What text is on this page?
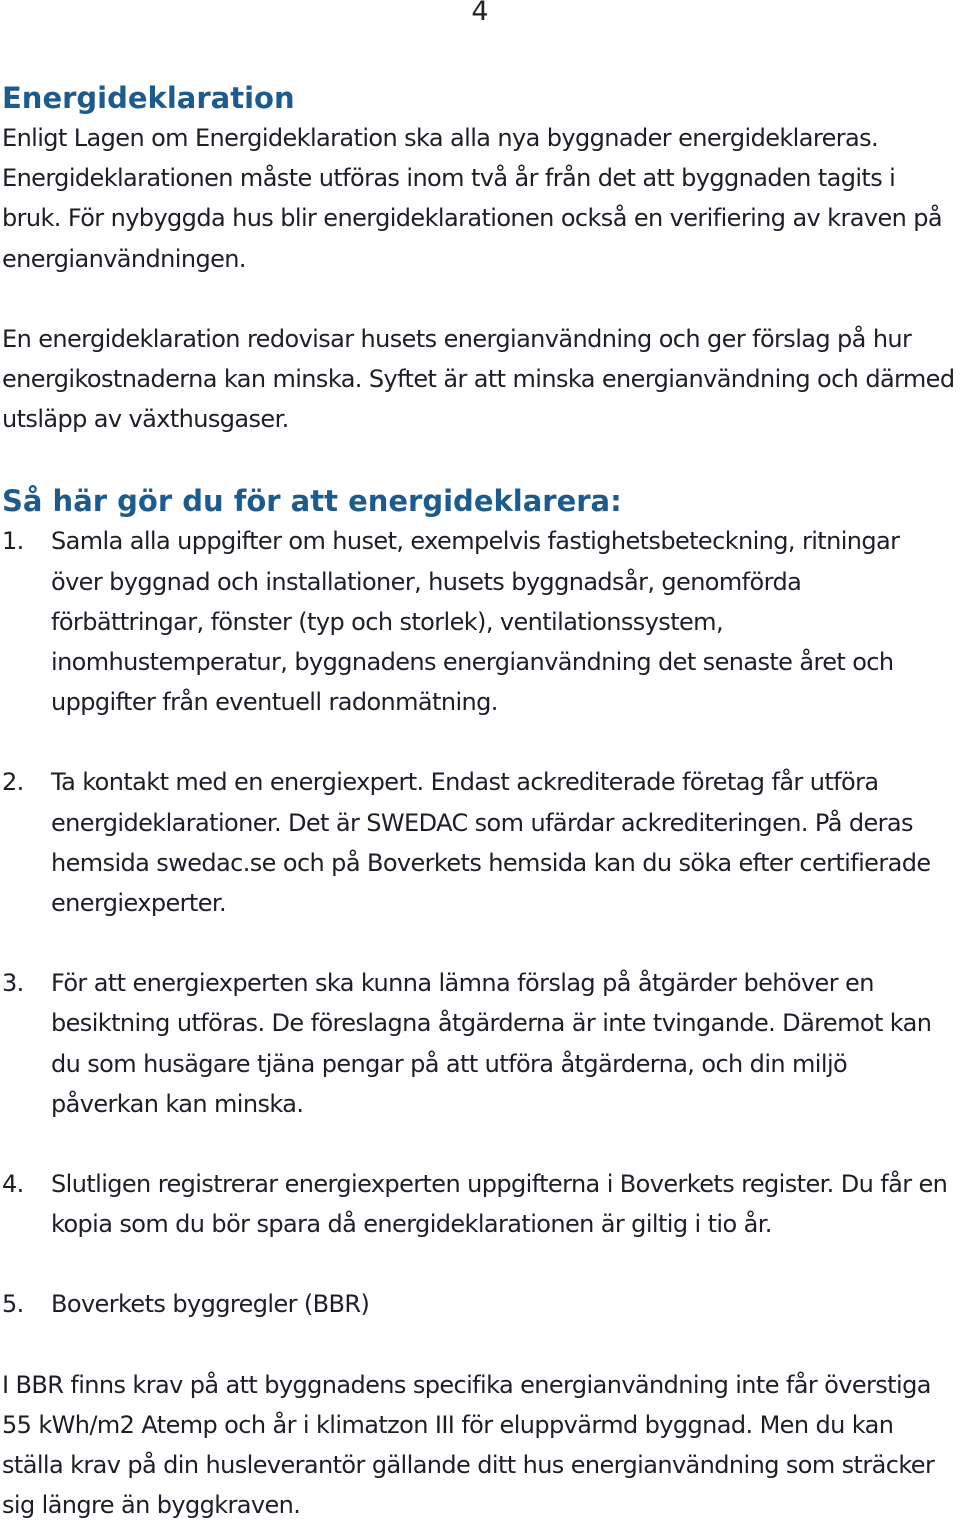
4
Energideklaration

Enligt Lagen om Energideklaration ska alla nya byggnader energideklareras. Energideklarationen måste utföras inom två år från det att byggnaden tagits i bruk. För nybyggda hus blir energideklarationen också en verifiering av kraven på energianvändningen.

En energideklaration redovisar husets energianvändning och ger förslag på hur energikostnaderna kan minska. Syftet är att minska energianvändning och därmed utsläpp av växthusgaser.

Så här gör du för att energideklarera:
1. Samla alla uppgifter om huset, exempelvis fastighetsbeteckning, ritningar över byggnad och installationer, husets byggnadsår, genomförda förbättringar, fönster (typ och storlek), ventilationssystem, inomhustemperatur, byggnadens energianvändning det senaste året och uppgifter från eventuell radonmätning.
2. Ta kontakt med en energiexpert. Endast ackrediterade företag får utföra energideklarationer. Det är SWEDAC som ufärdar ackrediteringen. På deras hemsida swedac.se och på Boverkets hemsida kan du söka efter certifierade energiexperter.
3. För att energiexperten ska kunna lämna förslag på åtgärder behöver en besiktning utföras. De föreslagna åtgärderna är inte tvingande. Däremot kan du som husägare tjäna pengar på att utföra åtgärderna, och din miljö påverkan kan minska.
4. Slutligen registrerar energiexperten uppgifterna i Boverkets register. Du får en kopia som du bör spara då energideklarationen är giltig i tio år.
5. Boverkets byggregler (BBR)

I BBR finns krav på att byggnadens specifika energianvändning inte får överstiga 55 kWh/m2 Atemp och år i klimatzon III för eluppvärmd byggnad. Men du kan ställa krav på din husleverantör gällande ditt hus energianvändning som sträcker sig längre än byggkraven.
